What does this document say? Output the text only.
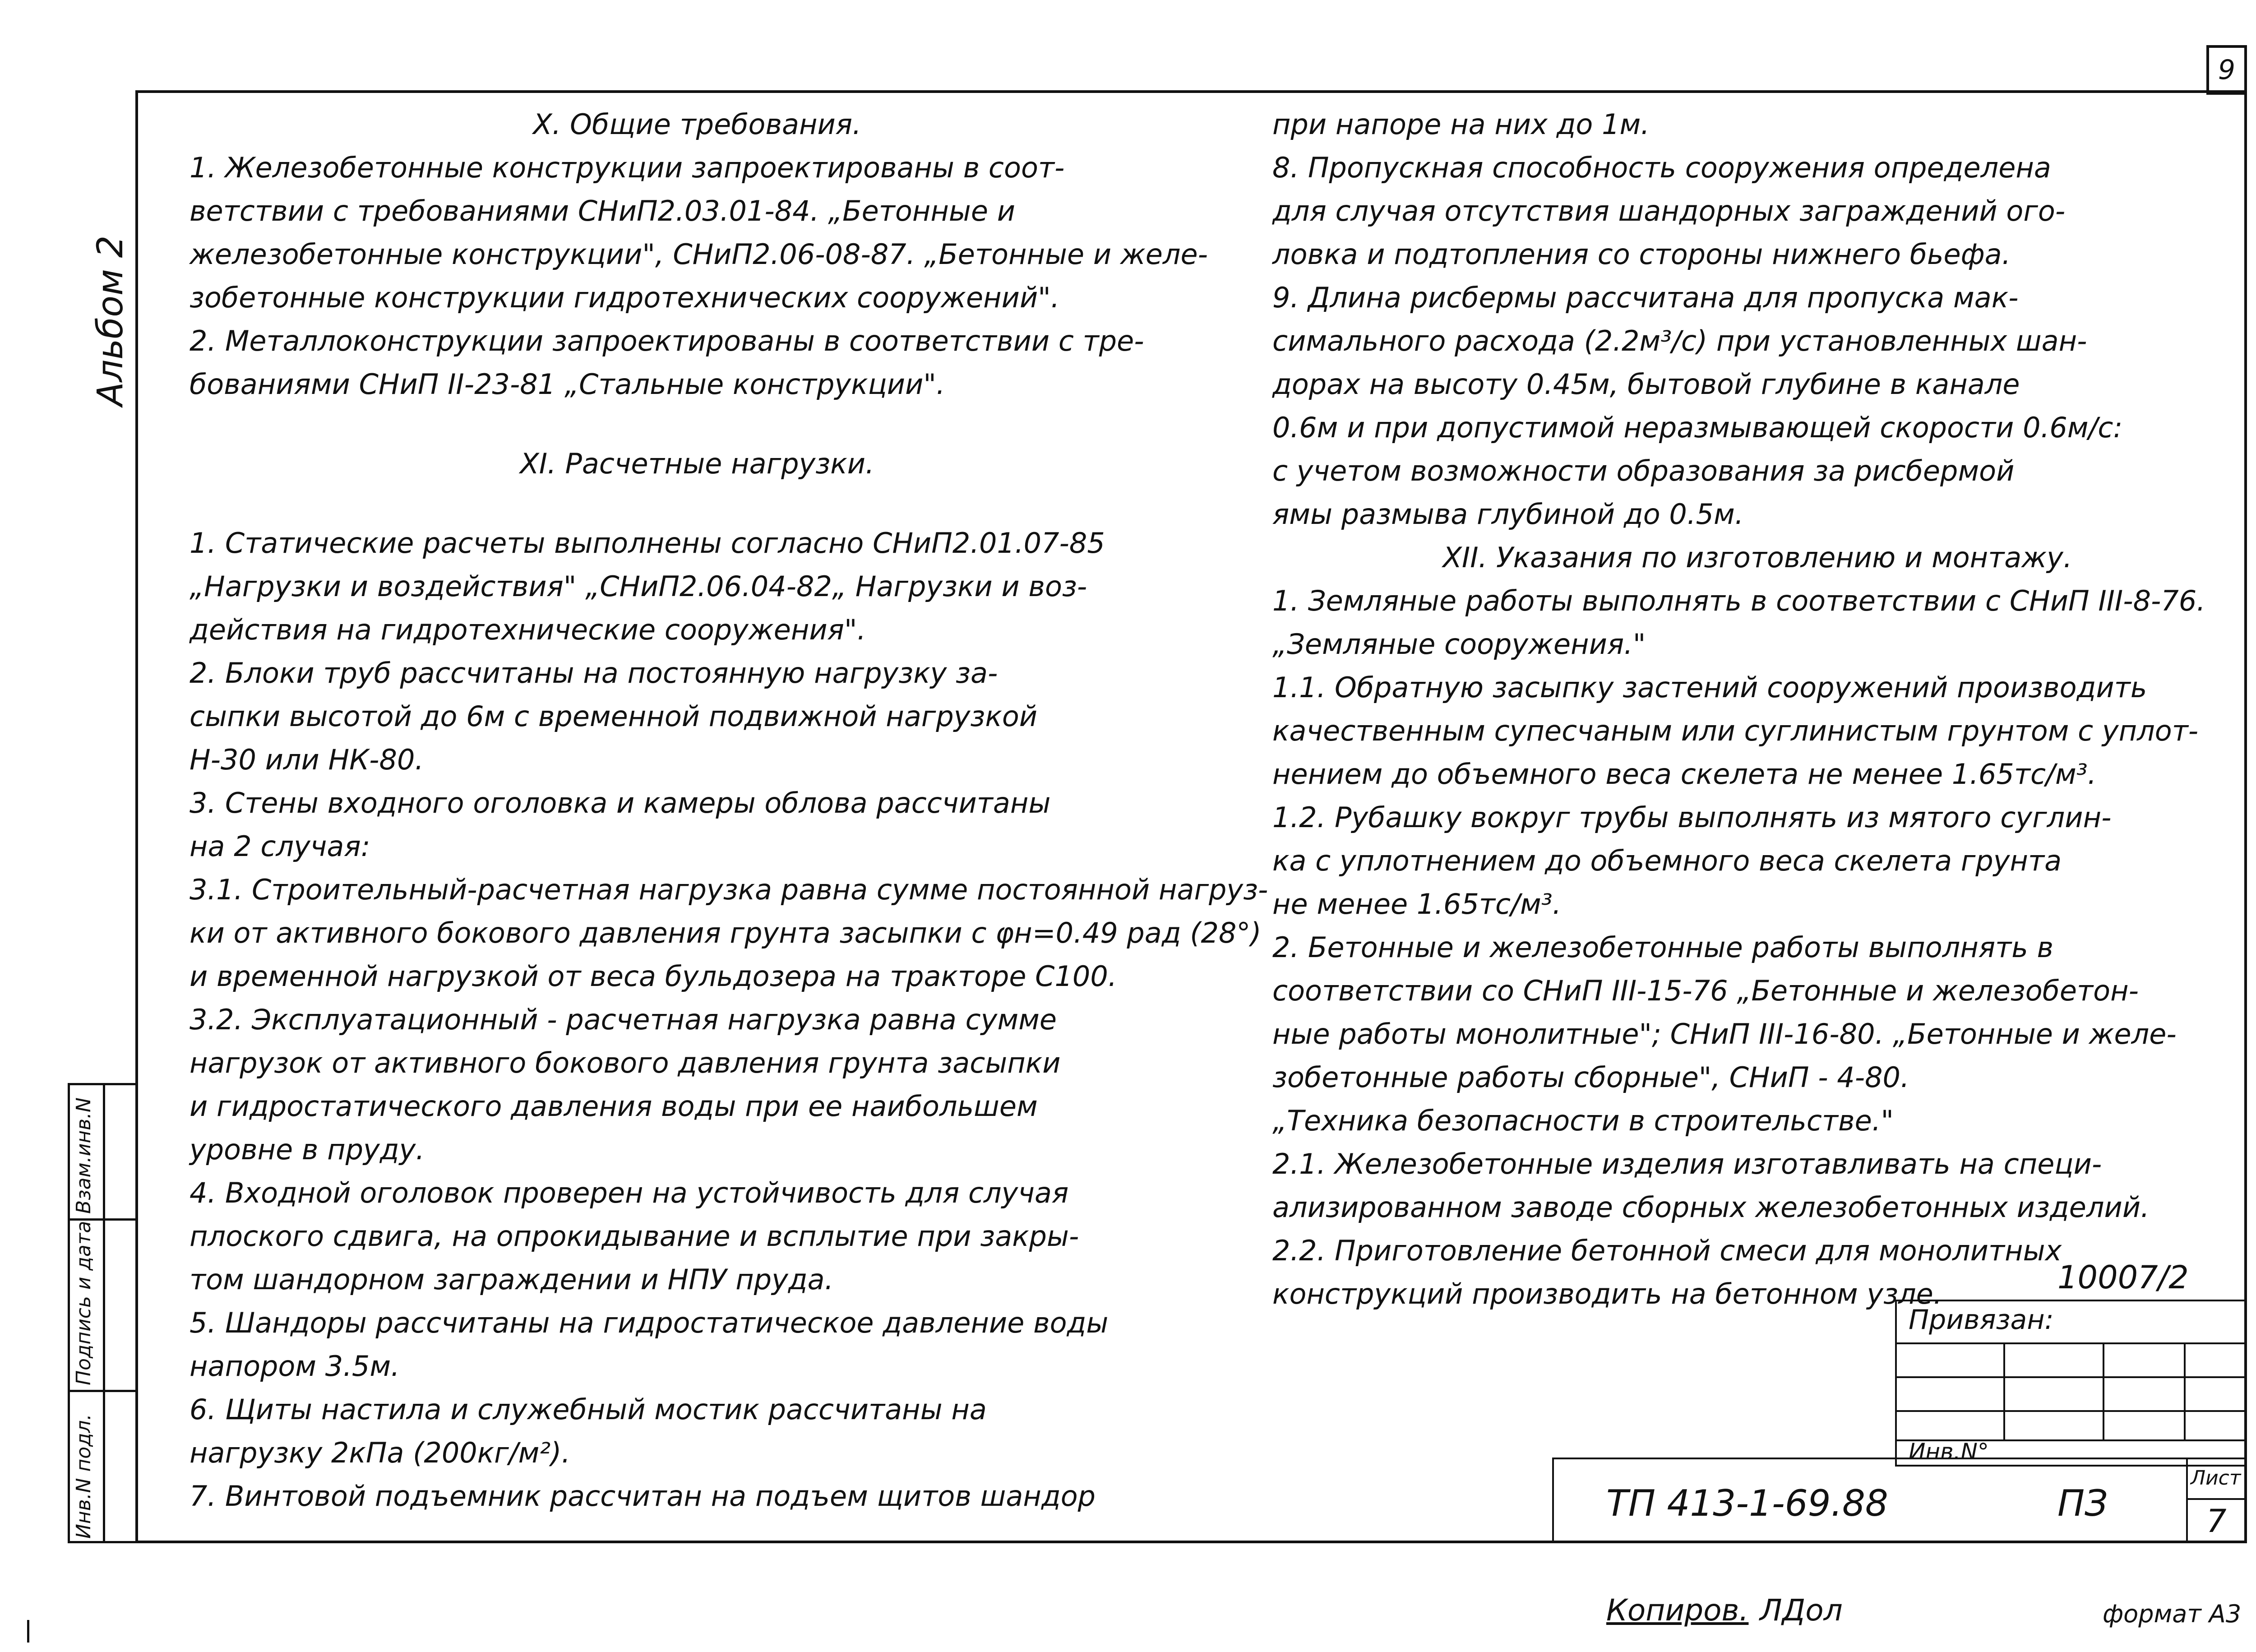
9
Альбом 2
Инв.N подл.
Подпись и дата
Взам.инв.N
X. Общие требования.
1. Железобетонные конструкции запроектированы в соот-
ветствии с требованиями СНиП2.03.01-84. „Бетонные и
железобетонные конструкции", СНиП2.06-08-87. „Бетонные и желе-
зобетонные конструкции гидротехнических сооружений".
2. Металлоконструкции запроектированы в соответствии с тре-
бованиями СНиП II-23-81 „Стальные конструкции".
XI. Расчетные нагрузки.
1. Статические расчеты выполнены согласно СНиП2.01.07-85
„Нагрузки и воздействия" „СНиП2.06.04-82„ Нагрузки и воз-
действия на гидротехнические сооружения".
2. Блоки труб рассчитаны на постоянную нагрузку за-
сыпки высотой до 6м с временной подвижной нагрузкой
Н-30 или НК-80.
3. Стены входного оголовка и камеры облова рассчитаны
на 2 случая:
3.1. Строительный-расчетная нагрузка равна сумме постоянной нагруз-
ки от активного бокового давления грунта засыпки с φн=0.49 рад (28°)
и временной нагрузкой от веса бульдозера на тракторе С100.
3.2. Эксплуатационный - расчетная нагрузка равна сумме
нагрузок от активного бокового давления грунта засыпки
и гидростатического давления воды при ее наибольшем
уровне в пруду.
4. Входной оголовок проверен на устойчивость для случая
плоского сдвига, на опрокидывание и всплытие при закры-
том шандорном заграждении и НПУ пруда.
5. Шандоры рассчитаны на гидростатическое давление воды
напором 3.5м.
6. Щиты настила и служебный мостик рассчитаны на
нагрузку 2кПа (200кг/м²).
7. Винтовой подъемник рассчитан на подъем щитов шандор
при напоре на них до 1м.
8. Пропускная способность сооружения определена
для случая отсутствия шандорных заграждений ого-
ловка и подтопления со стороны нижнего бьефа.
9. Длина рисбермы рассчитана для пропуска мак-
симального расхода (2.2м³/с) при установленных шан-
дорах на высоту 0.45м, бытовой глубине в канале
0.6м и при допустимой неразмывающей скорости 0.6м/с:
с учетом возможности образования за рисбермой
ямы размыва глубиной до 0.5м.
XII. Указания по изготовлению и монтажу.
1. Земляные работы выполнять в соответствии с СНиП III-8-76.
„Земляные сооружения."
1.1. Обратную засыпку застений сооружений производить
качественным супесчаным или суглинистым грунтом с уплот-
нением до объемного веса скелета не менее 1.65тс/м³.
1.2. Рубашку вокруг трубы выполнять из мятого суглин-
ка с уплотнением до объемного веса скелета грунта
не менее 1.65тс/м³.
2. Бетонные и железобетонные работы выполнять в
соответствии со СНиП III-15-76 „Бетонные и железобетон-
ные работы монолитные"; СНиП III-16-80. „Бетонные и желе-
зобетонные работы сборные", СНиП - 4-80.
„Техника безопасности в строительстве."
2.1. Железобетонные изделия изготавливать на специ-
ализированном заводе сборных железобетонных изделий.
2.2. Приготовление бетонной смеси для монолитных
конструкций производить на бетонном узле.	10007/2
Привязан:
Инв.N°
ТП 413-1-69.88	ПЗ
Лист
7
Копиров. ЛДол	формат А3
